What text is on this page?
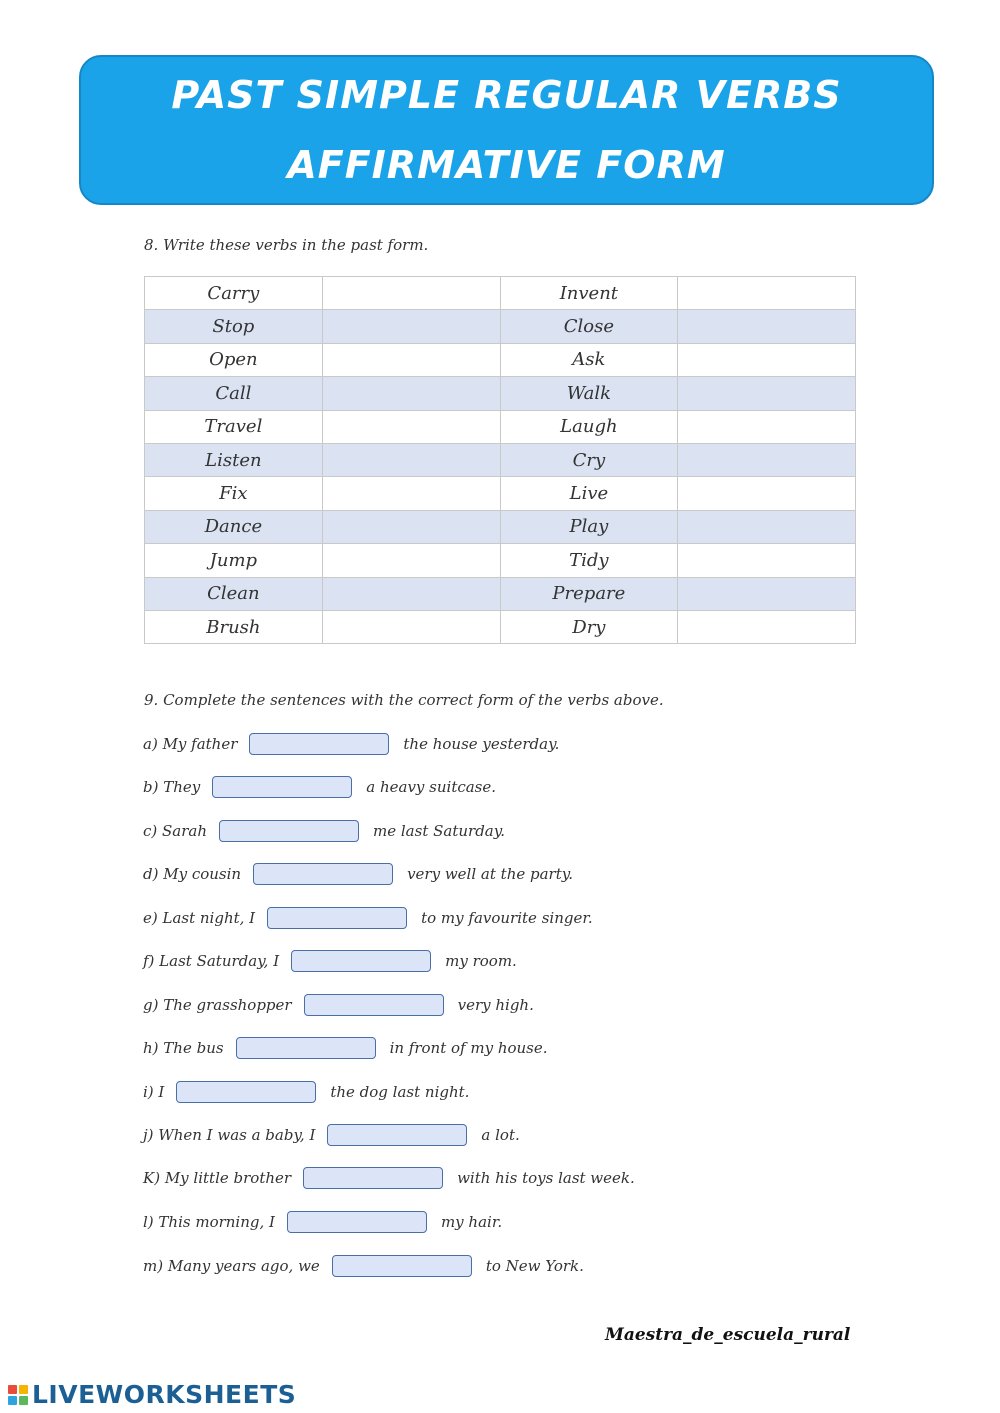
PAST SIMPLE REGULAR VERBS
AFFIRMATIVE FORM
8. Write these verbs in the past form.
Carry		Invent	
Stop		Close	
Open		Ask	
Call		Walk	
Travel		Laugh	
Listen		Cry	
Fix		Live	
Dance		Play	
Jump		Tidy	
Clean		Prepare	
Brush		Dry	
9. Complete the sentences with the correct form of the verbs above.
a) My father	the house yesterday.
b) They	a heavy suitcase.
c) Sarah	me last Saturday.
d) My cousin	very well at the party.
e) Last night, I	to my favourite singer.
f) Last Saturday, I	my room.
g) The grasshopper	very high.
h) The bus	in front of my house.
i) I	the dog last night.
j) When I was a baby, I	a lot.
K) My little brother	with his toys last week.
l) This morning, I	my hair.
m) Many years ago, we	to New York.
Maestra_de_escuela_rural
LIVEWORKSHEETS
